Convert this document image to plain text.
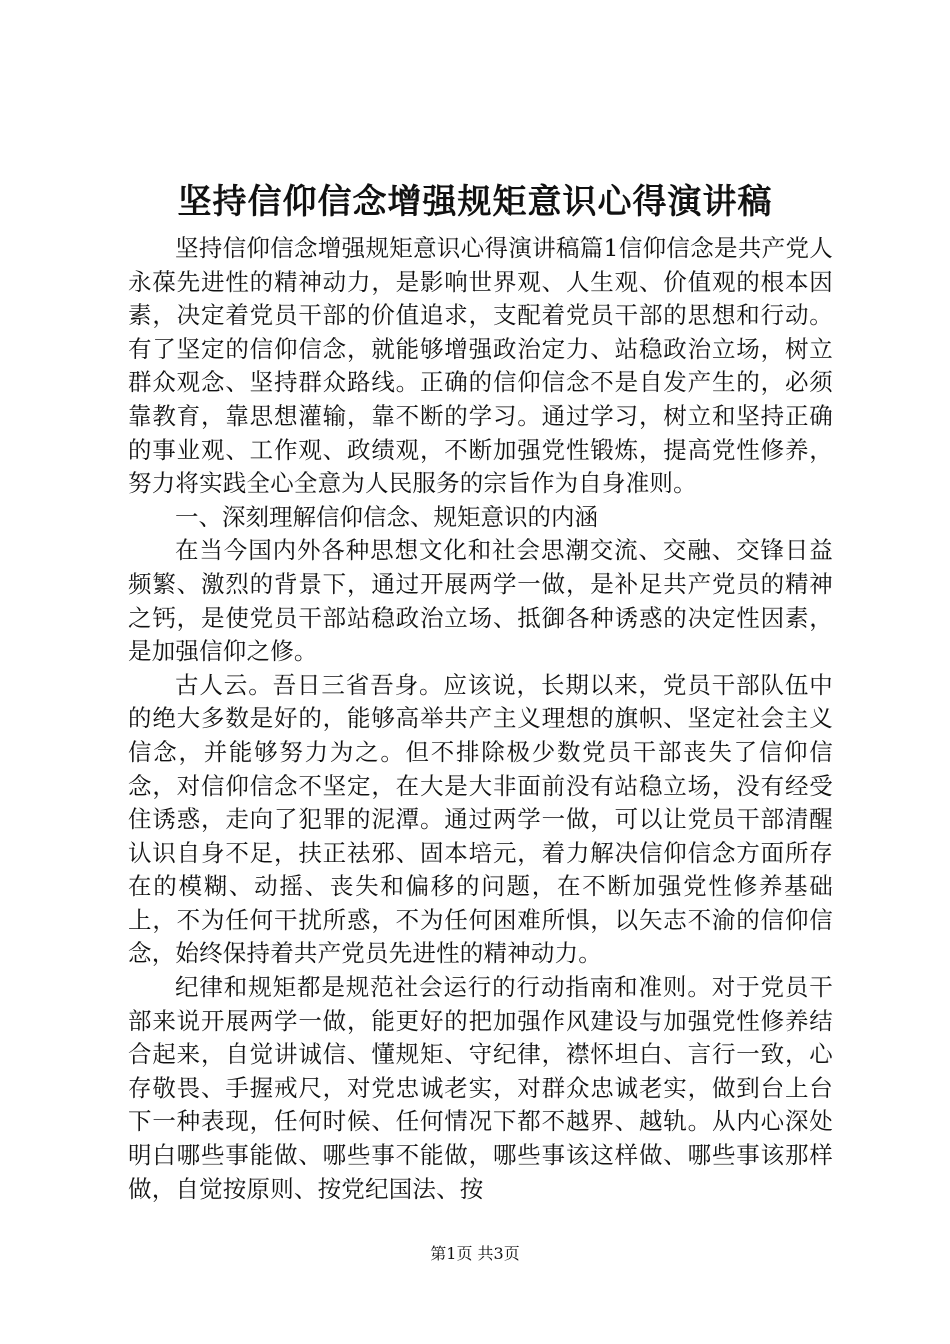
坚持信仰信念增强规矩意识心得演讲稿

坚持信仰信念增强规矩意识心得演讲稿篇1信仰信念是共产党人永葆先进性的精神动力，是影响世界观、人生观、价值观的根本因素，决定着党员干部的价值追求，支配着党员干部的思想和行动。有了坚定的信仰信念，就能够增强政治定力、站稳政治立场，树立群众观念、坚持群众路线。正确的信仰信念不是自发产生的，必须靠教育，靠思想灌输，靠不断的学习。通过学习，树立和坚持正确的事业观、工作观、政绩观，不断加强党性锻炼，提高党性修养，努力将实践全心全意为人民服务的宗旨作为自身准则。

一、深刻理解信仰信念、规矩意识的内涵

在当今国内外各种思想文化和社会思潮交流、交融、交锋日益频繁、激烈的背景下，通过开展两学一做，是补足共产党员的精神之钙，是使党员干部站稳政治立场、抵御各种诱惑的决定性因素，是加强信仰之修。

古人云。吾日三省吾身。应该说，长期以来，党员干部队伍中的绝大多数是好的，能够高举共产主义理想的旗帜、坚定社会主义信念，并能够努力为之。但不排除极少数党员干部丧失了信仰信念，对信仰信念不坚定，在大是大非面前没有站稳立场，没有经受住诱惑，走向了犯罪的泥潭。通过两学一做，可以让党员干部清醒认识自身不足，扶正祛邪、固本培元，着力解决信仰信念方面所存在的模糊、动摇、丧失和偏移的问题，在不断加强党性修养基础上，不为任何干扰所惑，不为任何困难所惧，以矢志不渝的信仰信念，始终保持着共产党员先进性的精神动力。

纪律和规矩都是规范社会运行的行动指南和准则。对于党员干部来说开展两学一做，能更好的把加强作风建设与加强党性修养结合起来，自觉讲诚信、懂规矩、守纪律，襟怀坦白、言行一致，心存敬畏、手握戒尺，对党忠诚老实，对群众忠诚老实，做到台上台下一种表现，任何时候、任何情况下都不越界、越轨。从内心深处明白哪些事能做、哪些事不能做，哪些事该这样做、哪些事该那样做，自觉按原则、按党纪国法、按

第1页 共3页
